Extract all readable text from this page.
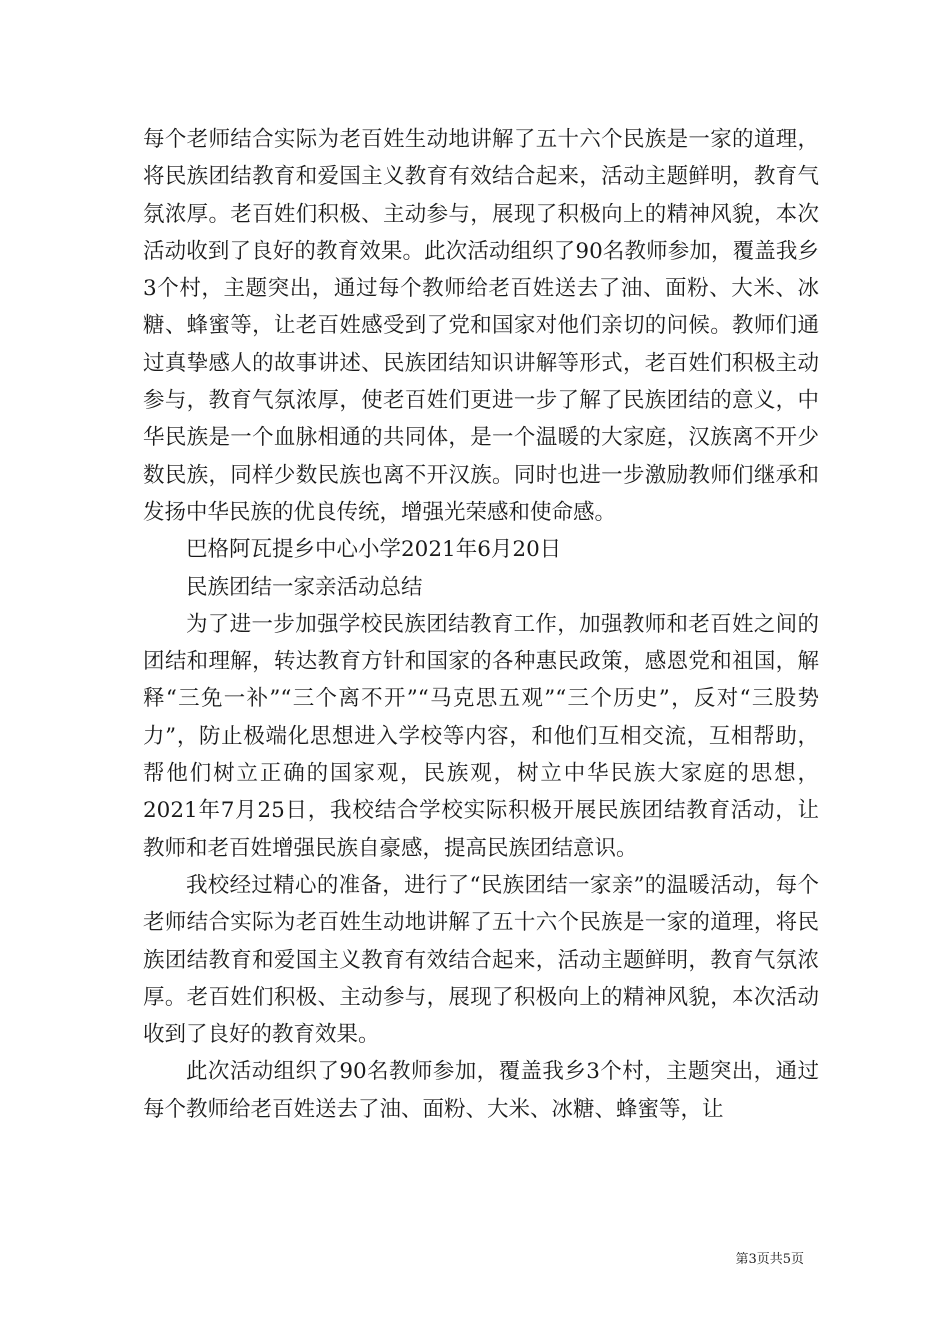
每个老师结合实际为老百姓生动地讲解了五十六个民族是一家的道理，将民族团结教育和爱国主义教育有效结合起来，活动主题鲜明，教育气氛浓厚。老百姓们积极、主动参与，展现了积极向上的精神风貌，本次活动收到了良好的教育效果。此次活动组织了90名教师参加，覆盖我乡3个村，主题突出，通过每个教师给老百姓送去了油、面粉、大米、冰糖、蜂蜜等，让老百姓感受到了党和国家对他们亲切的问候。教师们通过真挚感人的故事讲述、民族团结知识讲解等形式，老百姓们积极主动参与，教育气氛浓厚，使老百姓们更进一步了解了民族团结的意义，中华民族是一个血脉相通的共同体，是一个温暖的大家庭，汉族离不开少数民族，同样少数民族也离不开汉族。同时也进一步激励教师们继承和发扬中华民族的优良传统，增强光荣感和使命感。

巴格阿瓦提乡中心小学2021年6月20日

民族团结一家亲活动总结

为了进一步加强学校民族团结教育工作，加强教师和老百姓之间的团结和理解，转达教育方针和国家的各种惠民政策，感恩党和祖国，解释“三免一补”“三个离不开”“马克思五观”“三个历史”，反对“三股势力”，防止极端化思想进入学校等内容，和他们互相交流，互相帮助，帮他们树立正确的国家观，民族观，树立中华民族大家庭的思想，2021年7月25日，我校结合学校实际积极开展民族团结教育活动，让教师和老百姓增强民族自豪感，提高民族团结意识。

我校经过精心的准备，进行了“民族团结一家亲”的温暖活动，每个老师结合实际为老百姓生动地讲解了五十六个民族是一家的道理，将民族团结教育和爱国主义教育有效结合起来，活动主题鲜明，教育气氛浓厚。老百姓们积极、主动参与，展现了积极向上的精神风貌，本次活动收到了良好的教育效果。

此次活动组织了90名教师参加，覆盖我乡3个村，主题突出，通过每个教师给老百姓送去了油、面粉、大米、冰糖、蜂蜜等，让

第3页共5页
